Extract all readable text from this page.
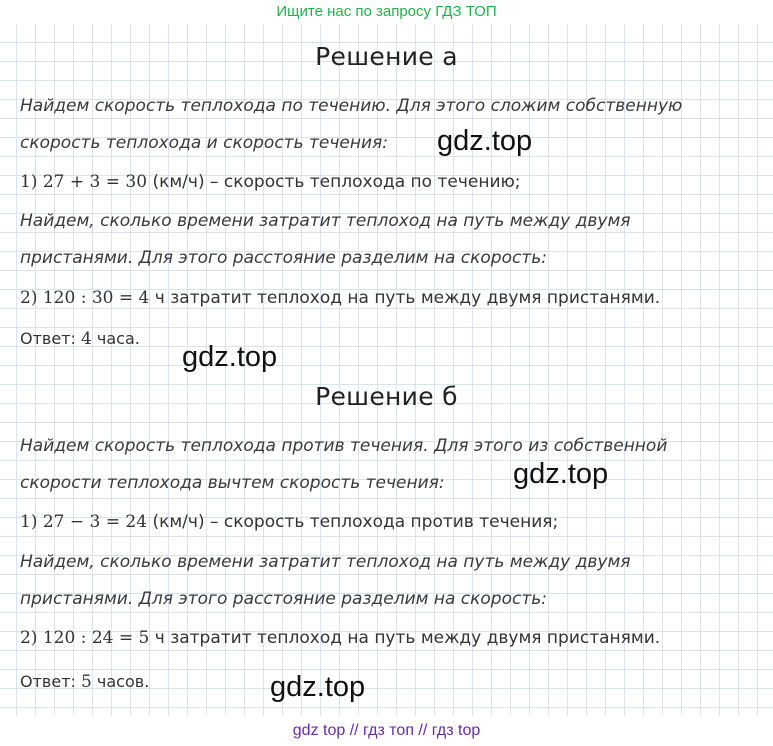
Ищите нас по запросу ГДЗ ТОП
Решение а
Найдем скорость теплохода по течению. Для этого сложим собственную
скорость теплохода и скорость течения:
1) 27 + 3 = 30 (км/ч) – скорость теплохода по течению;
Найдем, сколько времени затратит теплоход на путь между двумя
пристанями. Для этого расстояние разделим на скорость:
2) 120 : 30 = 4 ч затратит теплоход на путь между двумя пристанями.
Ответ: 4 часа.
Решение б
Найдем скорость теплохода против течения. Для этого из собственной
скорости теплохода вычтем скорость течения:
1) 27 − 3 = 24 (км/ч) – скорость теплохода против течения;
Найдем, сколько времени затратит теплоход на путь между двумя
пристанями. Для этого расстояние разделим на скорость:
2) 120 : 24 = 5 ч затратит теплоход на путь между двумя пристанями.
Ответ: 5 часов.
gdz.top
gdz.top
gdz.top
gdz.top
gdz top // гдз топ // гдз top
